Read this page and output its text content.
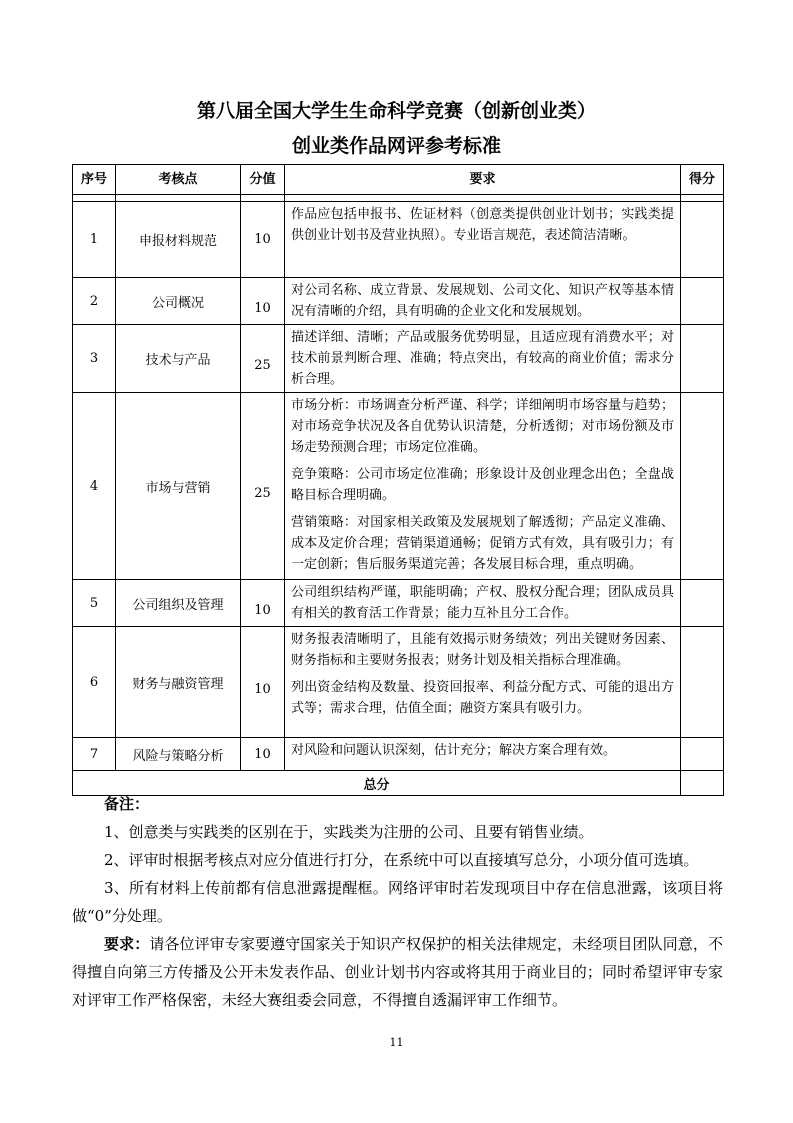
第八届全国大学生生命科学竞赛（创新创业类）
创业类作品网评参考标准
序号	考核点	分值	要求	得分

1	申报材料规范	10	作品应包括申报书、佐证材料（创意类提供创业计划书；实践类提供创业计划书及营业执照）。专业语言规范，表述简洁清晰。	

2	公司概况	10	对公司名称、成立背景、发展规划、公司文化、知识产权等基本情况有清晰的介绍，具有明确的企业文化和发展规划。	

3	技术与产品	25	描述详细、清晰；产品或服务优势明显，且适应现有消费水平；对技术前景判断合理、准确；特点突出，有较高的商业价值；需求分析合理。	

4	市场与营销	25	市场分析：市场调查分析严谨、科学；详细阐明市场容量与趋势；对市场竞争状况及各自优势认识清楚，分析透彻；对市场份额及市场走势预测合理；市场定位准确。

竞争策略：公司市场定位准确；形象设计及创业理念出色；全盘战略目标合理明确。

营销策略：对国家相关政策及发展规划了解透彻；产品定义准确、成本及定价合理；营销渠道通畅；促销方式有效，具有吸引力；有一定创新；售后服务渠道完善；各发展目标合理，重点明确。	

5	公司组织及管理	10	公司组织结构严谨，职能明确；产权、股权分配合理；团队成员具有相关的教育活工作背景；能力互补且分工合作。	

6	财务与融资管理	10	财务报表清晰明了，且能有效揭示财务绩效；列出关键财务因素、财务指标和主要财务报表；财务计划及相关指标合理准确。

列出资金结构及数量、投资回报率、利益分配方式、可能的退出方式等；需求合理，估值全面；融资方案具有吸引力。	

7	风险与策略分析	10	对风险和问题认识深刻，估计充分；解决方案合理有效。	

总分				

备注：

1、创意类与实践类的区别在于，实践类为注册的公司、且要有销售业绩。

2、评审时根据考核点对应分值进行打分，在系统中可以直接填写总分，小项分值可选填。

3、所有材料上传前都有信息泄露提醒框。网络评审时若发现项目中存在信息泄露，该项目将做“0”分处理。

要求：请各位评审专家要遵守国家关于知识产权保护的相关法律规定，未经项目团队同意，不得擅自向第三方传播及公开未发表作品、创业计划书内容或将其用于商业目的；同时希望评审专家对评审工作严格保密，未经大赛组委会同意，不得擅自透漏评审工作细节。

11
